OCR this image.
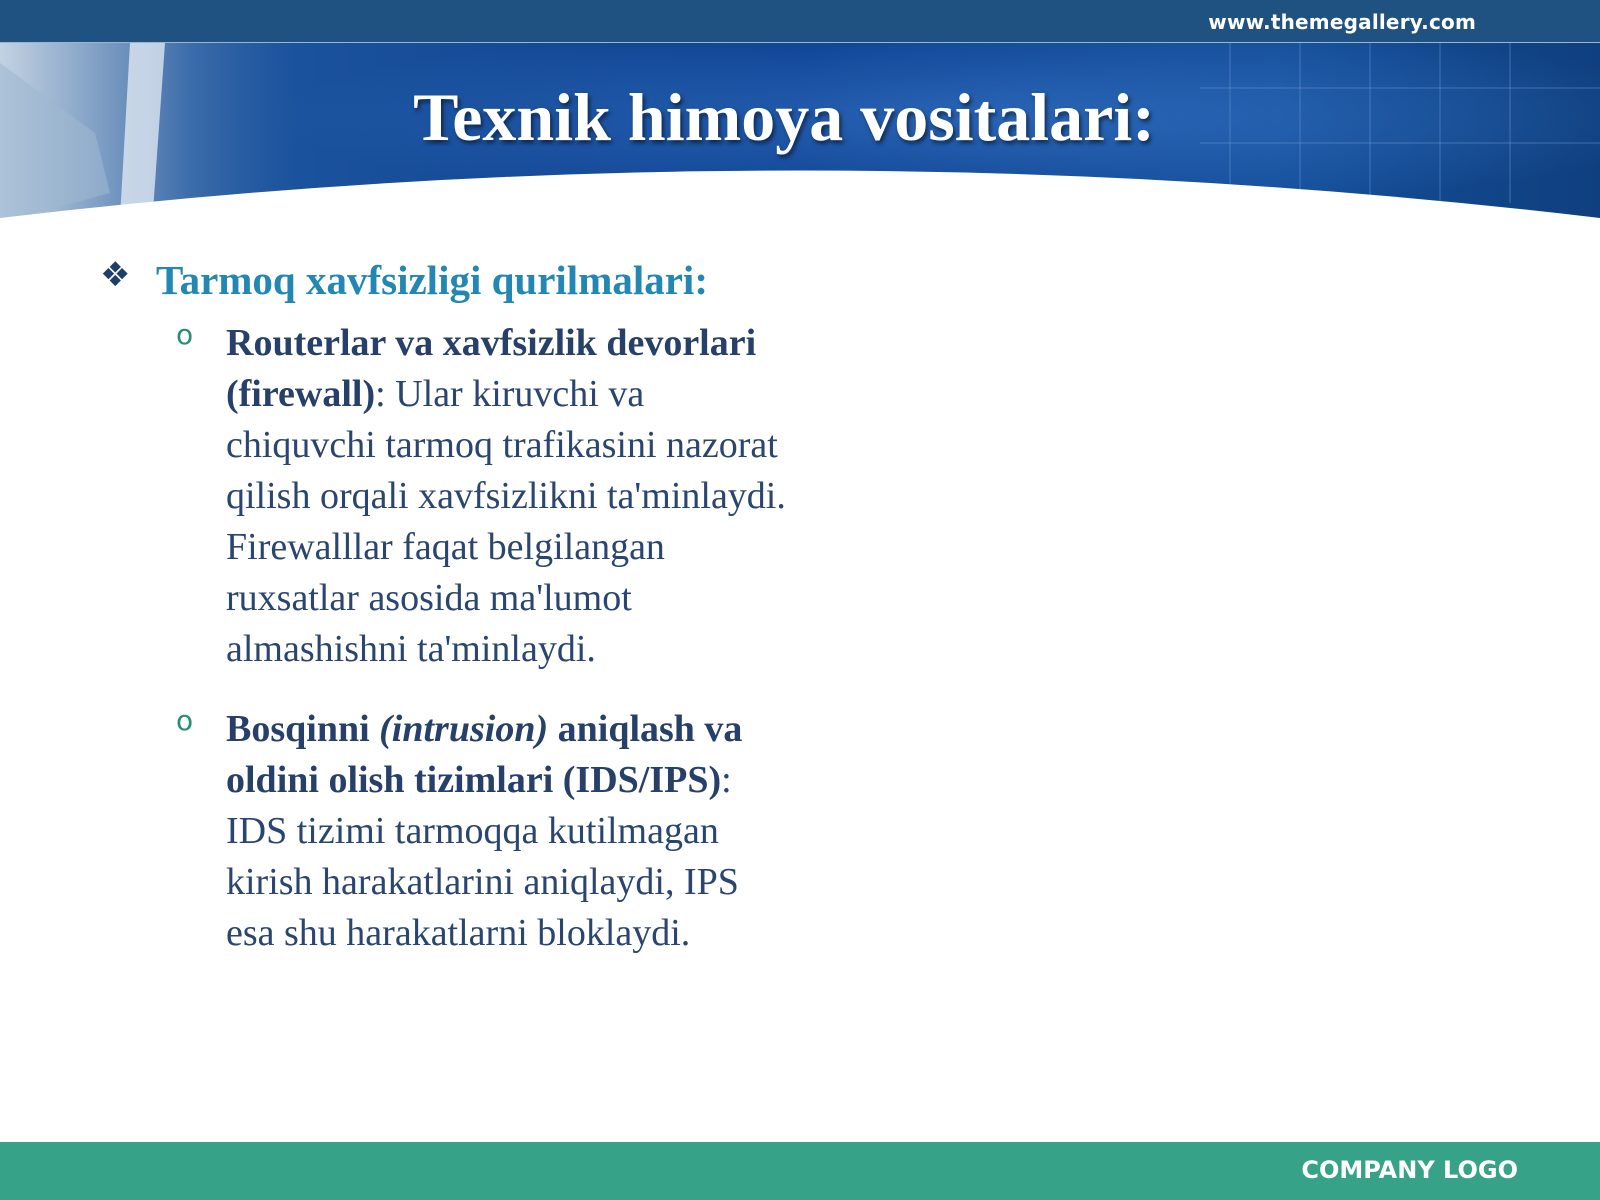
www.themegallery.com
Texnik himoya vositalari:
❖ Tarmoq xavfsizligi qurilmalari:
o Routerlar va xavfsizlik devorlari (firewall): Ular kiruvchi va chiquvchi tarmoq trafikasini nazorat qilish orqali xavfsizlikni ta'minlaydi. Firewalllar faqat belgilangan ruxsatlar asosida ma'lumot almashishni ta'minlaydi.
o Bosqinni (intrusion) aniqlash va oldini olish tizimlari (IDS/IPS): IDS tizimi tarmoqqa kutilmagan kirish harakatlarini aniqlaydi, IPS esa shu harakatlarni bloklaydi.
COMPANY LOGO
